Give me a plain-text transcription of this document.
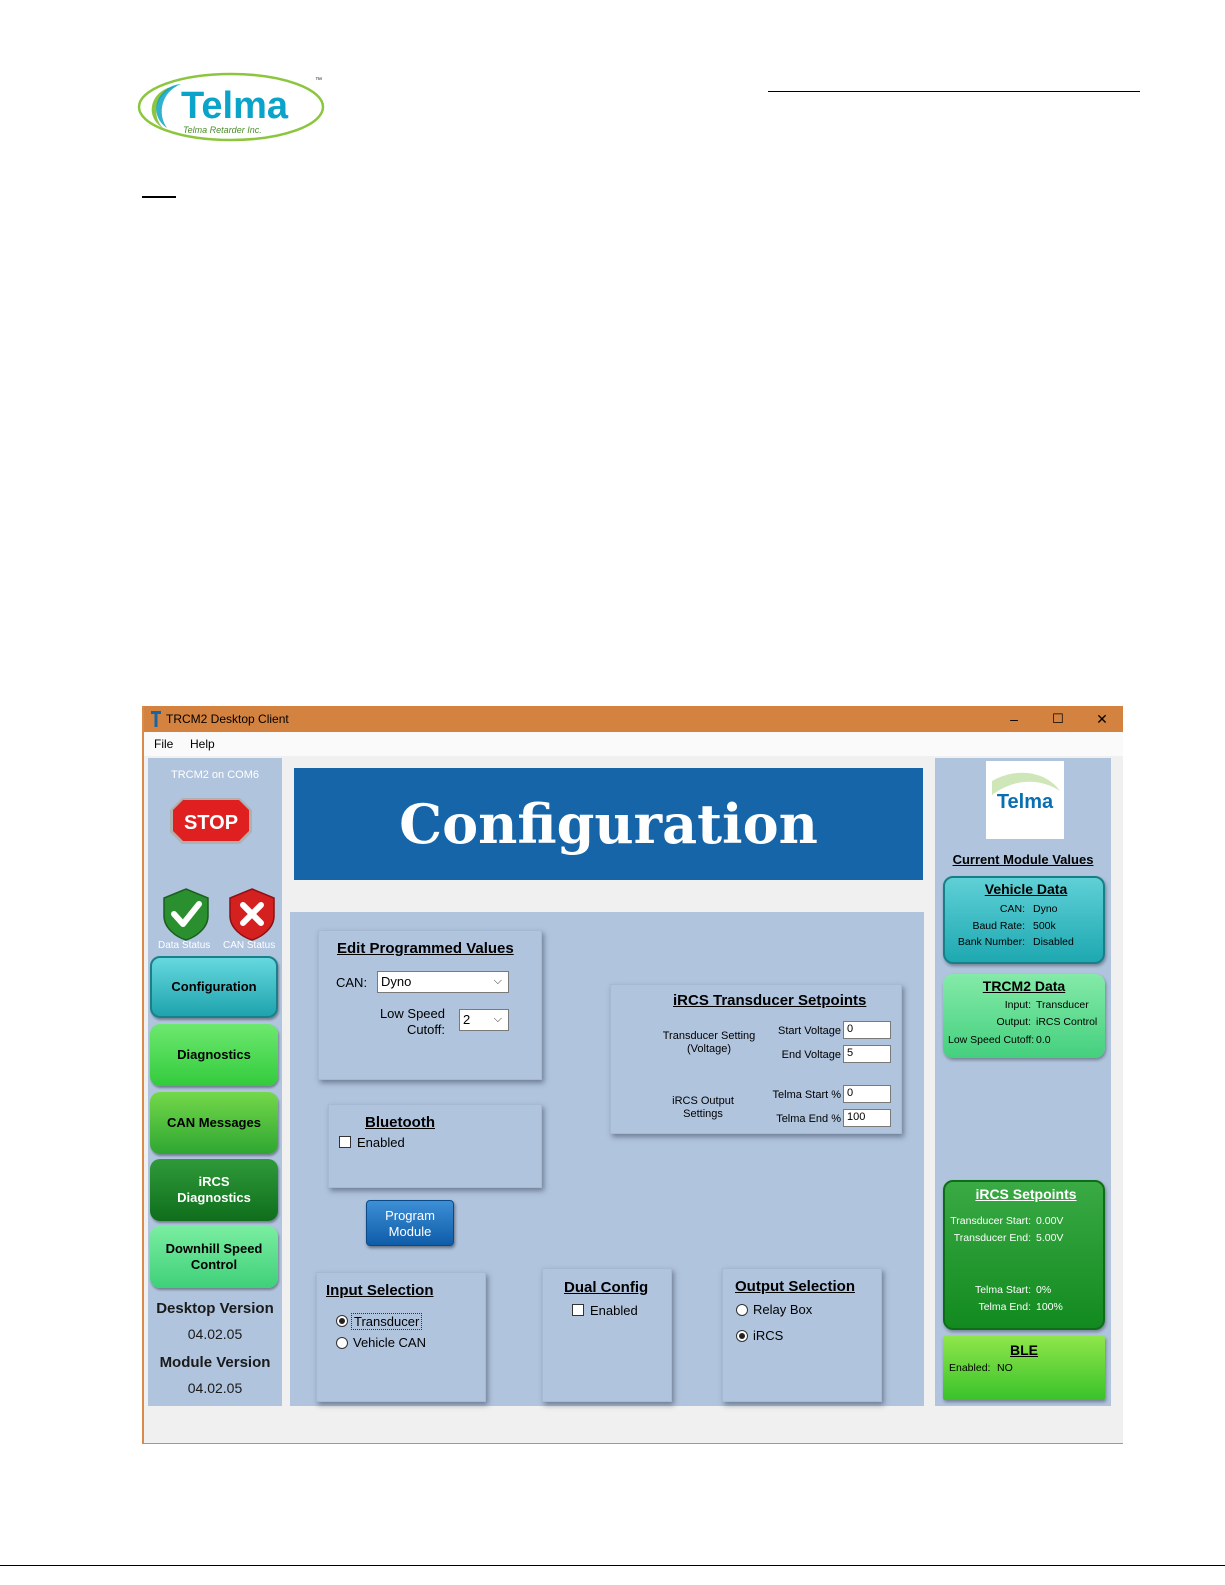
Telma
Telma Retarder Inc.
™
TRCM2 Desktop Client	–	☐	✕
File Help
TRCM2 on COM6
STOP
Data Status CAN Status
Configuration
Diagnostics
CAN Messages
iRCS
Diagnostics
Downhill Speed
Control
Desktop Version
04.02.05
Module Version
04.02.05
Configuration
Edit Programmed Values
CAN:	Dyno	⌵
Low Speed
Cutoff:
2 ⌵
Bluetooth
Enabled
Program
Module
iRCS Transducer Setpoints
Transducer Setting
(Voltage)
Start Voltage 0
End Voltage 5
iRCS Output
Settings
Telma Start % 0
Telma End % 100
Input Selection
Transducer
Vehicle CAN
Dual Config
Enabled
Output Selection
Relay Box
iRCS
Telma
Current Module Values
Vehicle Data
CAN: Dyno
Baud Rate: 500k
Bank Number: Disabled
TRCM2 Data
Input: Transducer
Output: iRCS Control
Low Speed Cutoff: 0.0
iRCS Setpoints
Transducer Start: 0.00V
Transducer End: 5.00V
Telma Start: 0%
Telma End: 100%
BLE
Enabled: NO
